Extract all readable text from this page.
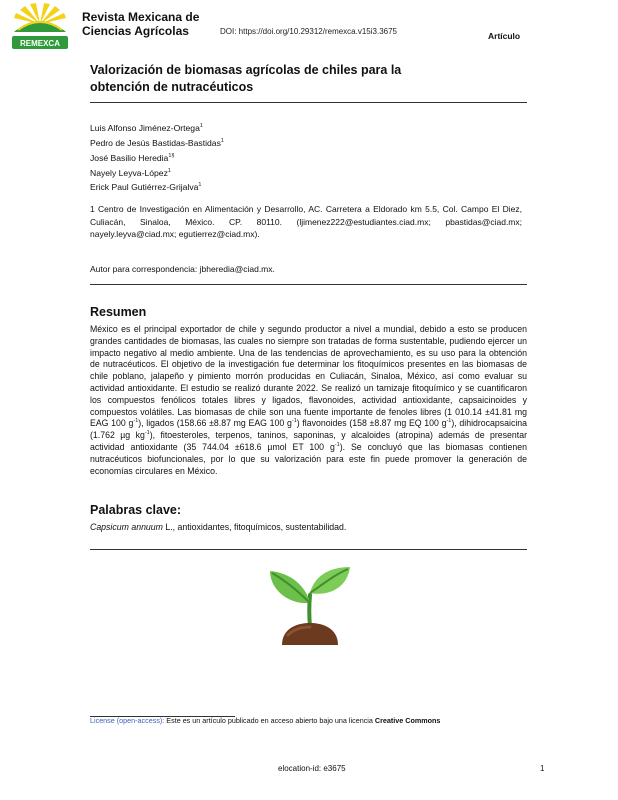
REMEXCA
Revista Mexicana de
Ciencias Agrícolas	DOI: https://doi.org/10.29312/remexca.v15i3.3675	Artículo
Valorización de biomasas agrícolas de chiles para la
obtención de nutracéuticos
Luis Alfonso Jiménez-Ortega$^1$
Pedro de Jesús Bastidas-Bastidas$^1$
José Basilio Heredia$^{1\S}$
Nayely Leyva-López$^1$
Erick Paul Gutiérrez-Grijalva$^1$
1 Centro de Investigación en Alimentación y Desarrollo, AC. Carretera a Eldorado km 5.5, Col. Campo El Diez, Culiacán, Sinaloa, México. CP. 80110. (ljimenez222@estudiantes.ciad.mx; pbastidas@ciad.mx; nayely.leyva@ciad.mx; egutierrez@ciad.mx).
Autor para correspondencia: jbheredia@ciad.mx.
Resumen
México es el principal exportador de chile y segundo productor a nivel a mundial, debido a esto se producen grandes cantidades de biomasas, las cuales no siempre son tratadas de forma sustentable, pudiendo ejercer un impacto negativo al medio ambiente. Una de las tendencias de aprovechamiento, es su uso para la obtención de nutracéuticos. El objetivo de la investigación fue determinar los fitoquímicos presentes en las biomasas de chile poblano, jalapeño y pimiento morrón producidas en Culiacán, Sinaloa, México, así como evaluar su actividad antioxidante. El estudio se realizó durante 2022. Se realizó un tamizaje fitoquímico y se cuantificaron los compuestos fenólicos totales libres y ligados, flavonoides, actividad antioxidante, capsaicinoides y compuestos volátiles. Las biomasas de chile son una fuente importante de fenoles libres (1 010.14 ±41.81 mg EAG 100 $g^{-1}$), ligados (158.66 ±8.87 mg EAG 100 $g^{-1}$) flavonoides (158 ±8.87 mg EQ 100 $g^{-1}$), dihidrocapsaicina (1.762 µg $kg^{-1}$), fitoesteroles, terpenos, taninos, saponinas, y alcaloides (atropina) además de presentar actividad antioxidante (35 744.04 ±618.6 µmol ET 100 $g^{-1}$). Se concluyó que las biomasas contienen nutracéuticos biofuncionales, por lo que su valorización para este fin puede promover la generación de economías circulares en México.
Palabras clave:
Capsicum annuum L., antioxidantes, fitoquímicos, sustentabilidad.
License (open-access): Este es un artículo publicado en acceso abierto bajo una licencia Creative Commons
elocation-id: e3675	1
